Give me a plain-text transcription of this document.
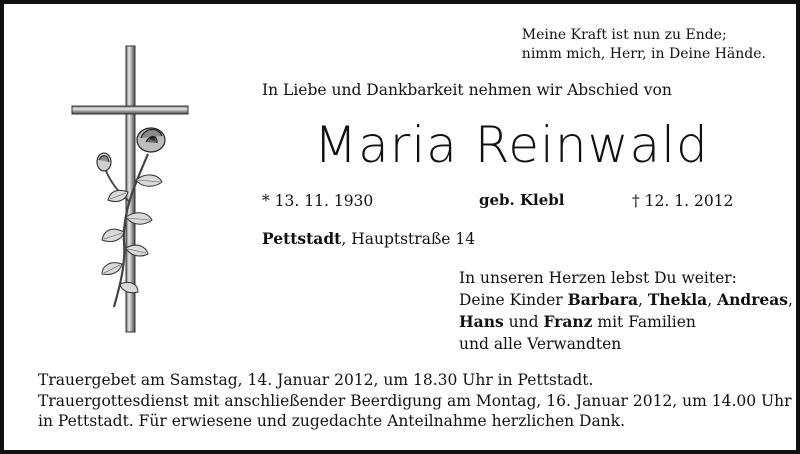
Meine Kraft ist nun zu Ende;
nimm mich, Herr, in Deine Hände.
In Liebe und Dankbarkeit nehmen wir Abschied von
Maria Reinwald
* 13. 11. 1930	geb. Klebl	† 12. 1. 2012
Pettstadt, Hauptstraße 14
In unseren Herzen lebst Du weiter:
Deine Kinder Barbara, Thekla, Andreas,
Hans und Franz mit Familien
und alle Verwandten
Trauergebet am Samstag, 14. Januar 2012, um 18.30 Uhr in Pettstadt.
Trauergottesdienst mit anschließender Beerdigung am Montag, 16. Januar 2012, um 14.00 Uhr
in Pettstadt. Für erwiesene und zugedachte Anteilnahme herzlichen Dank.
